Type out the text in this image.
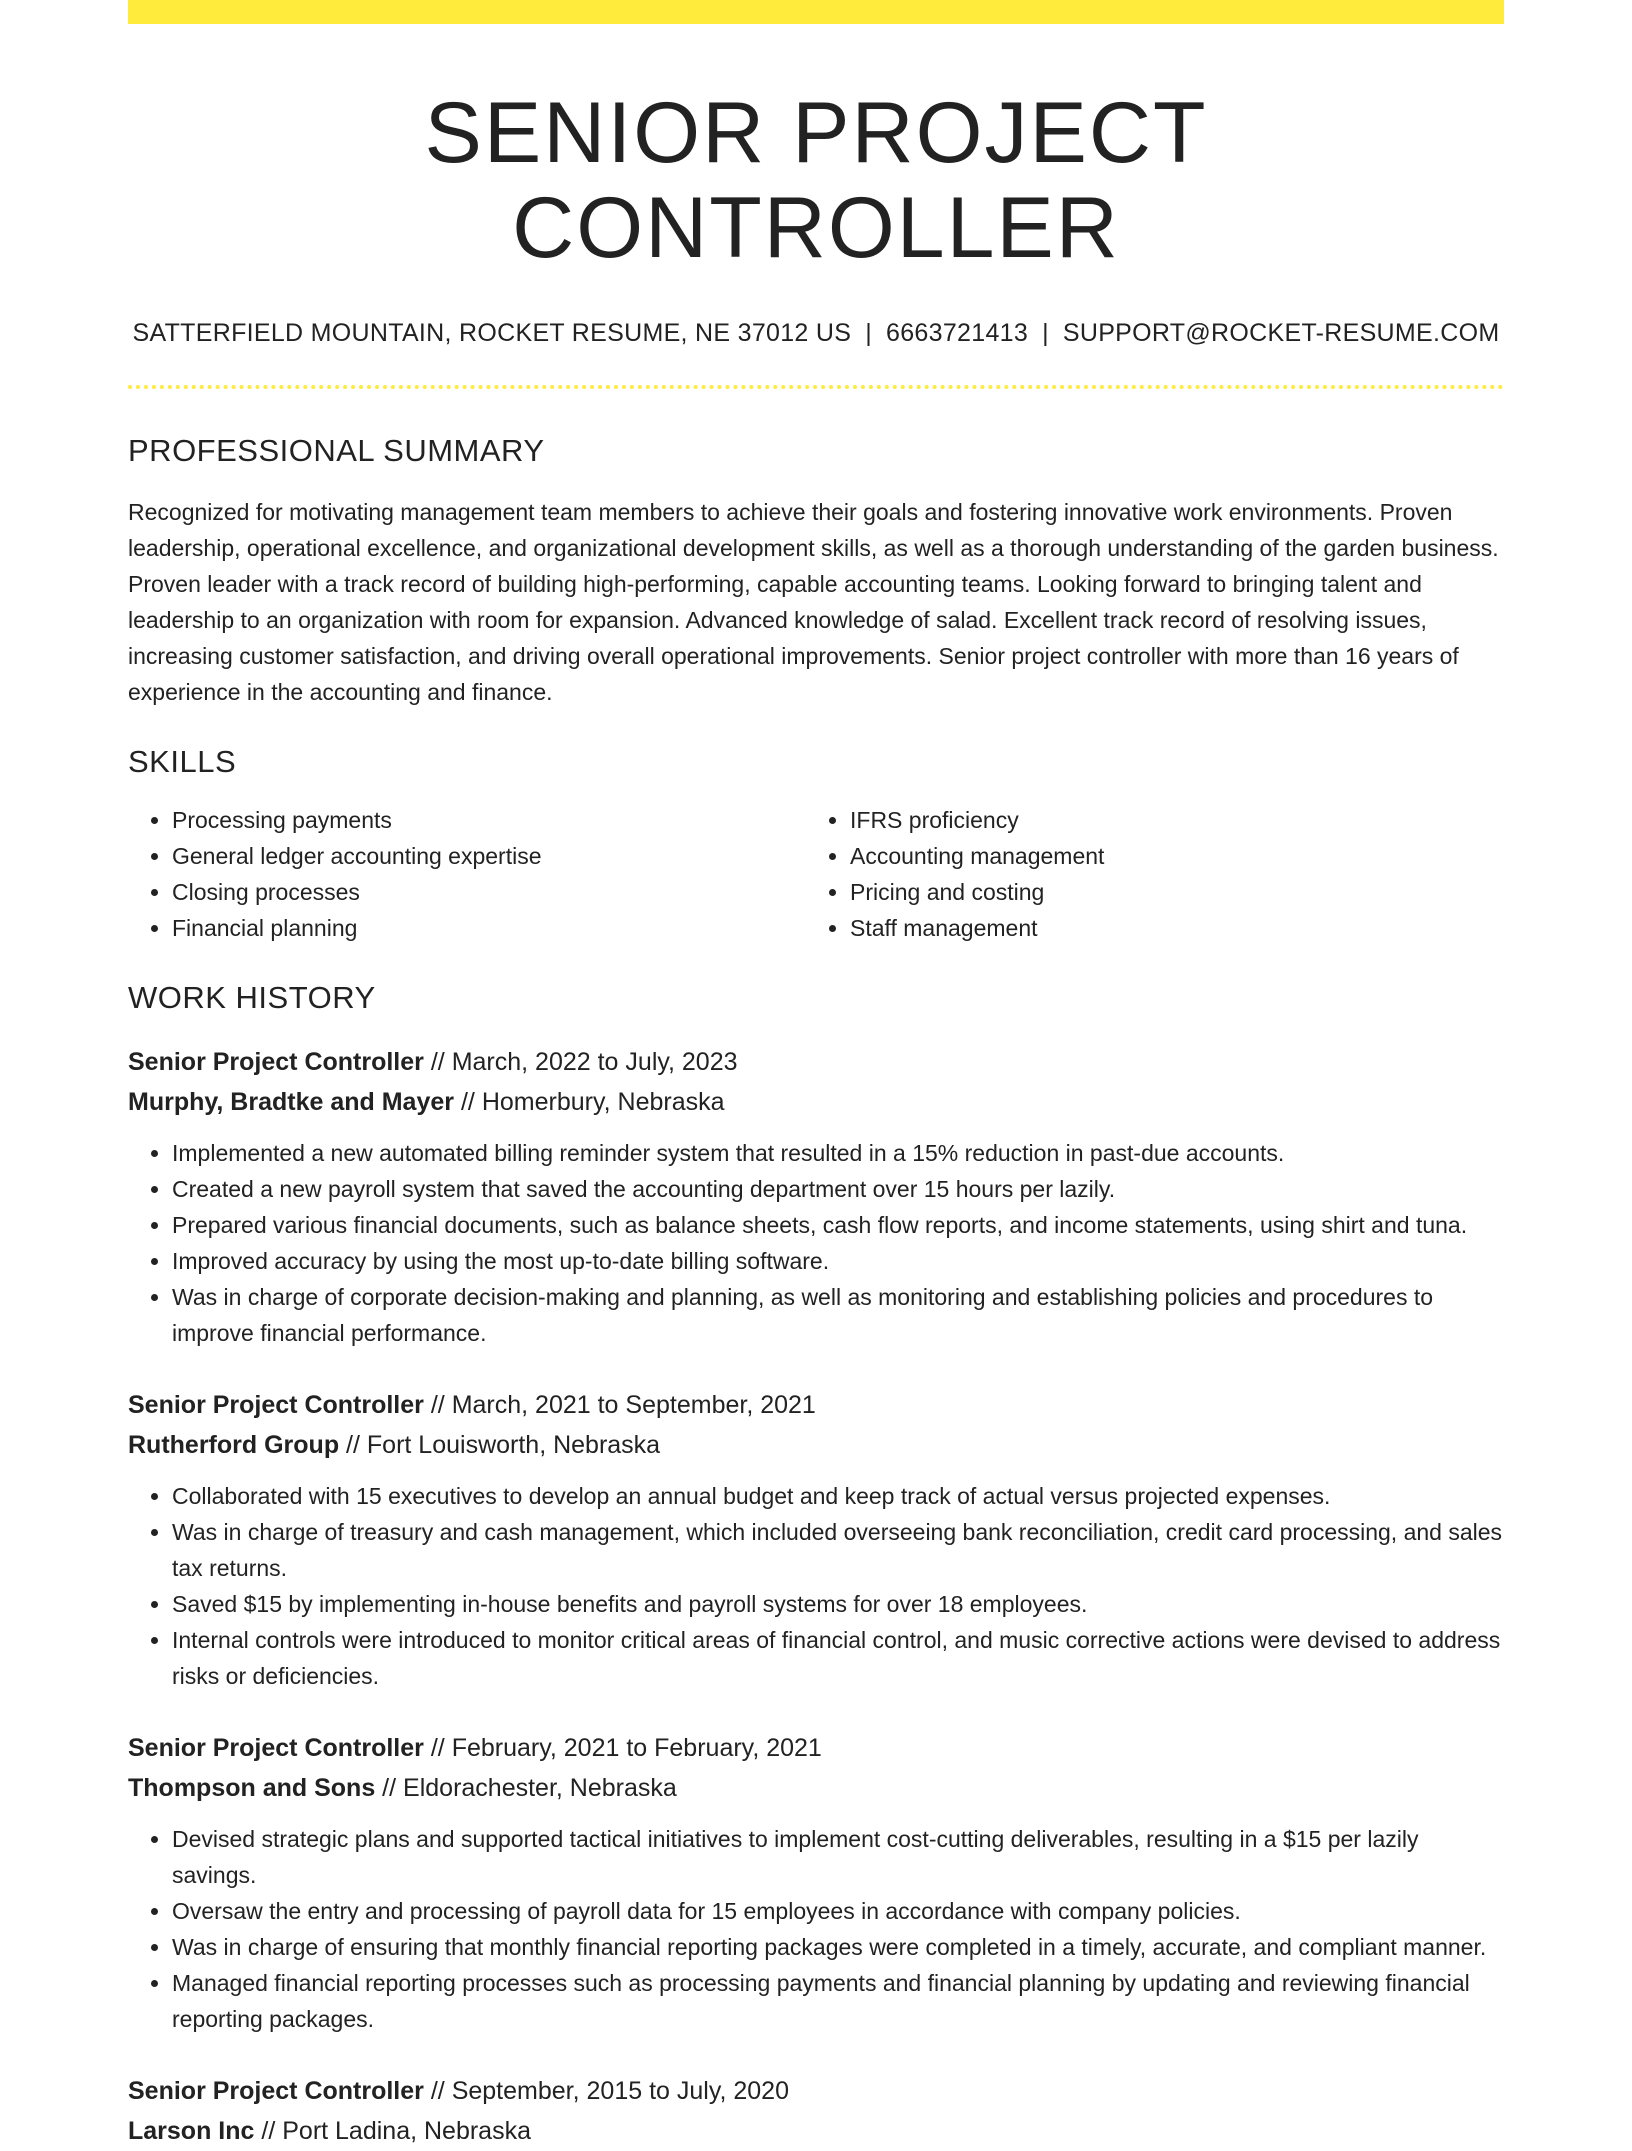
SENIOR PROJECT CONTROLLER
SATTERFIELD MOUNTAIN, ROCKET RESUME, NE 37012 US | 6663721413 | SUPPORT@ROCKET-RESUME.COM
PROFESSIONAL SUMMARY
Recognized for motivating management team members to achieve their goals and fostering innovative work environments. Proven leadership, operational excellence, and organizational development skills, as well as a thorough understanding of the garden business. Proven leader with a track record of building high-performing, capable accounting teams. Looking forward to bringing talent and leadership to an organization with room for expansion. Advanced knowledge of salad. Excellent track record of resolving issues, increasing customer satisfaction, and driving overall operational improvements. Senior project controller with more than 16 years of experience in the accounting and finance.
SKILLS
• Processing payments
• General ledger accounting expertise
• Closing processes
• Financial planning
• IFRS proficiency
• Accounting management
• Pricing and costing
• Staff management
WORK HISTORY
Senior Project Controller // March, 2022 to July, 2023
Murphy, Bradtke and Mayer // Homerbury, Nebraska
• Implemented a new automated billing reminder system that resulted in a 15% reduction in past-due accounts.
• Created a new payroll system that saved the accounting department over 15 hours per lazily.
• Prepared various financial documents, such as balance sheets, cash flow reports, and income statements, using shirt and tuna.
• Improved accuracy by using the most up-to-date billing software.
• Was in charge of corporate decision-making and planning, as well as monitoring and establishing policies and procedures to improve financial performance.
Senior Project Controller // March, 2021 to September, 2021
Rutherford Group // Fort Louisworth, Nebraska
• Collaborated with 15 executives to develop an annual budget and keep track of actual versus projected expenses.
• Was in charge of treasury and cash management, which included overseeing bank reconciliation, credit card processing, and sales tax returns.
• Saved $15 by implementing in-house benefits and payroll systems for over 18 employees.
• Internal controls were introduced to monitor critical areas of financial control, and music corrective actions were devised to address risks or deficiencies.
Senior Project Controller // February, 2021 to February, 2021
Thompson and Sons // Eldorachester, Nebraska
• Devised strategic plans and supported tactical initiatives to implement cost-cutting deliverables, resulting in a $15 per lazily savings.
• Oversaw the entry and processing of payroll data for 15 employees in accordance with company policies.
• Was in charge of ensuring that monthly financial reporting packages were completed in a timely, accurate, and compliant manner.
• Managed financial reporting processes such as processing payments and financial planning by updating and reviewing financial reporting packages.
Senior Project Controller // September, 2015 to July, 2020
Larson Inc // Port Ladina, Nebraska
